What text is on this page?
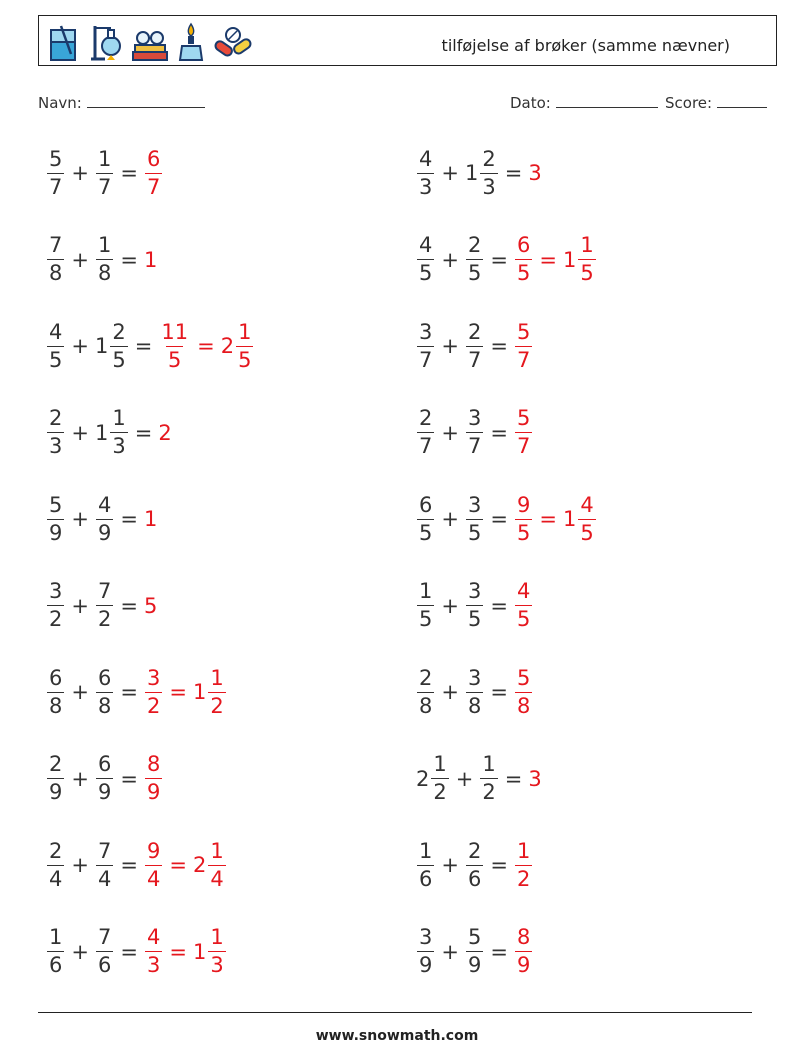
tilføjelse af brøker (samme nævner)
Navn:	Dato:	Score:
$\frac{5}{7} + \frac{1}{7} = \frac{6}{7}$	$\frac{4}{3} + 1 \frac{2}{3} = 3$
$\frac{7}{8} + \frac{1}{8} = 1$	$\frac{4}{5} + \frac{2}{5} = \frac{6}{5} = 1 \frac{1}{5}$
$\frac{4}{5} + 1 \frac{2}{5} = \frac{11}{5} = 2 \frac{1}{5}$	$\frac{3}{7} + \frac{2}{7} = \frac{5}{7}$
$\frac{2}{3} + 1 \frac{1}{3} = 2$	$\frac{2}{7} + \frac{3}{7} = \frac{5}{7}$
$\frac{5}{9} + \frac{4}{9} = 1$	$\frac{6}{5} + \frac{3}{5} = \frac{9}{5} = 1 \frac{4}{5}$
$\frac{3}{2} + \frac{7}{2} = 5$	$\frac{1}{5} + \frac{3}{5} = \frac{4}{5}$
$\frac{6}{8} + \frac{6}{8} = \frac{3}{2} = 1 \frac{1}{2}$	$\frac{2}{8} + \frac{3}{8} = \frac{5}{8}$
$\frac{2}{9} + \frac{6}{9} = \frac{8}{9}$	$2 \frac{1}{2} + \frac{1}{2} = 3$
$\frac{2}{4} + \frac{7}{4} = \frac{9}{4} = 2 \frac{1}{4}$	$\frac{1}{6} + \frac{2}{6} = \frac{1}{2}$
$\frac{1}{6} + \frac{7}{6} = \frac{4}{3} = 1 \frac{1}{3}$	$\frac{3}{9} + \frac{5}{9} = \frac{8}{9}$
www.snowmath.com
